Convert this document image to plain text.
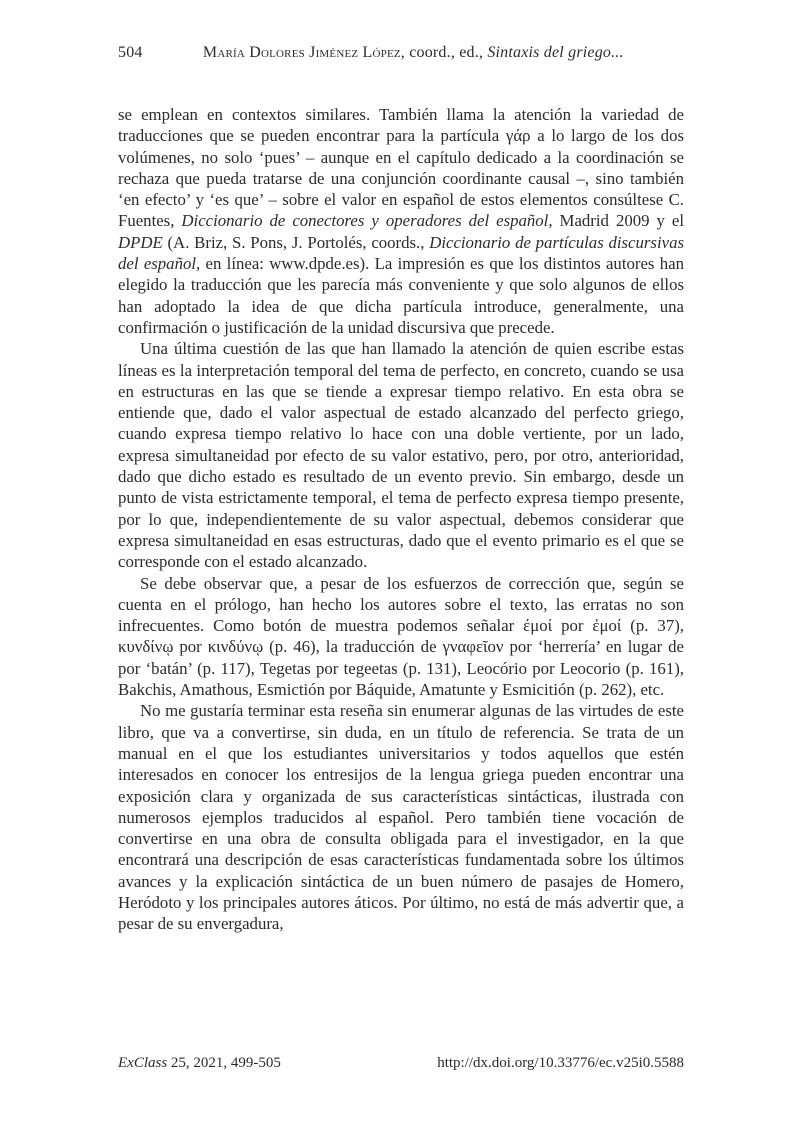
504	María Dolores Jiménez López, coord., ed., Sintaxis del griego...

se emplean en contextos similares. También llama la atención la variedad de traducciones que se pueden encontrar para la partícula γάρ a lo largo de los dos volúmenes, no solo ‘pues’ – aunque en el capítulo dedicado a la coordinación se rechaza que pueda tratarse de una conjunción coordinante causal –, sino también ‘en efecto’ y ‘es que’ – sobre el valor en español de estos elementos consúltese C. Fuentes, Diccionario de conectores y operadores del español, Madrid 2009 y el DPDE (A. Briz, S. Pons, J. Portolés, coords., Diccionario de partículas discursivas del español, en línea: www.dpde.es). La impresión es que los distintos autores han elegido la traducción que les parecía más conveniente y que solo algunos de ellos han adoptado la idea de que dicha partícula introduce, generalmente, una confirmación o justificación de la unidad discursiva que precede.

Una última cuestión de las que han llamado la atención de quien escribe estas líneas es la interpretación temporal del tema de perfecto, en concreto, cuando se usa en estructuras en las que se tiende a expresar tiempo relativo. En esta obra se entiende que, dado el valor aspectual de estado alcanzado del perfecto griego, cuando expresa tiempo relativo lo hace con una doble vertiente, por un lado, expresa simultaneidad por efecto de su valor estativo, pero, por otro, anterioridad, dado que dicho estado es resultado de un evento previo. Sin embargo, desde un punto de vista estrictamente temporal, el tema de perfecto expresa tiempo presente, por lo que, independientemente de su valor aspectual, debemos considerar que expresa simultaneidad en esas estructuras, dado que el evento primario es el que se corresponde con el estado alcanzado.

Se debe observar que, a pesar de los esfuerzos de corrección que, según se cuenta en el prólogo, han hecho los autores sobre el texto, las erratas no son infrecuentes. Como botón de muestra podemos señalar έμοί por ἐμοί (p. 37), κυνδίνῳ por κινδύνῳ (p. 46), la traducción de γναφεῖον por ‘herrería’ en lugar de por ‘batán’ (p. 117), Tegetas por tegeetas (p. 131), Leocório por Leocorio (p. 161), Bakchis, Amathous, Esmictión por Báquide, Amatunte y Esmicitión (p. 262), etc.

No me gustaría terminar esta reseña sin enumerar algunas de las virtudes de este libro, que va a convertirse, sin duda, en un título de referencia. Se trata de un manual en el que los estudiantes universitarios y todos aquellos que estén interesados en conocer los entresijos de la lengua griega pueden encontrar una exposición clara y organizada de sus características sintácticas, ilustrada con numerosos ejemplos traducidos al español. Pero también tiene vocación de convertirse en una obra de consulta obligada para el investigador, en la que encontrará una descripción de esas características fundamentada sobre los últimos avances y la explicación sintáctica de un buen número de pasajes de Homero, Heródoto y los principales autores áticos. Por último, no está de más advertir que, a pesar de su envergadura,

ExClass 25, 2021, 499-505	http://dx.doi.org/10.33776/ec.v25i0.5588
